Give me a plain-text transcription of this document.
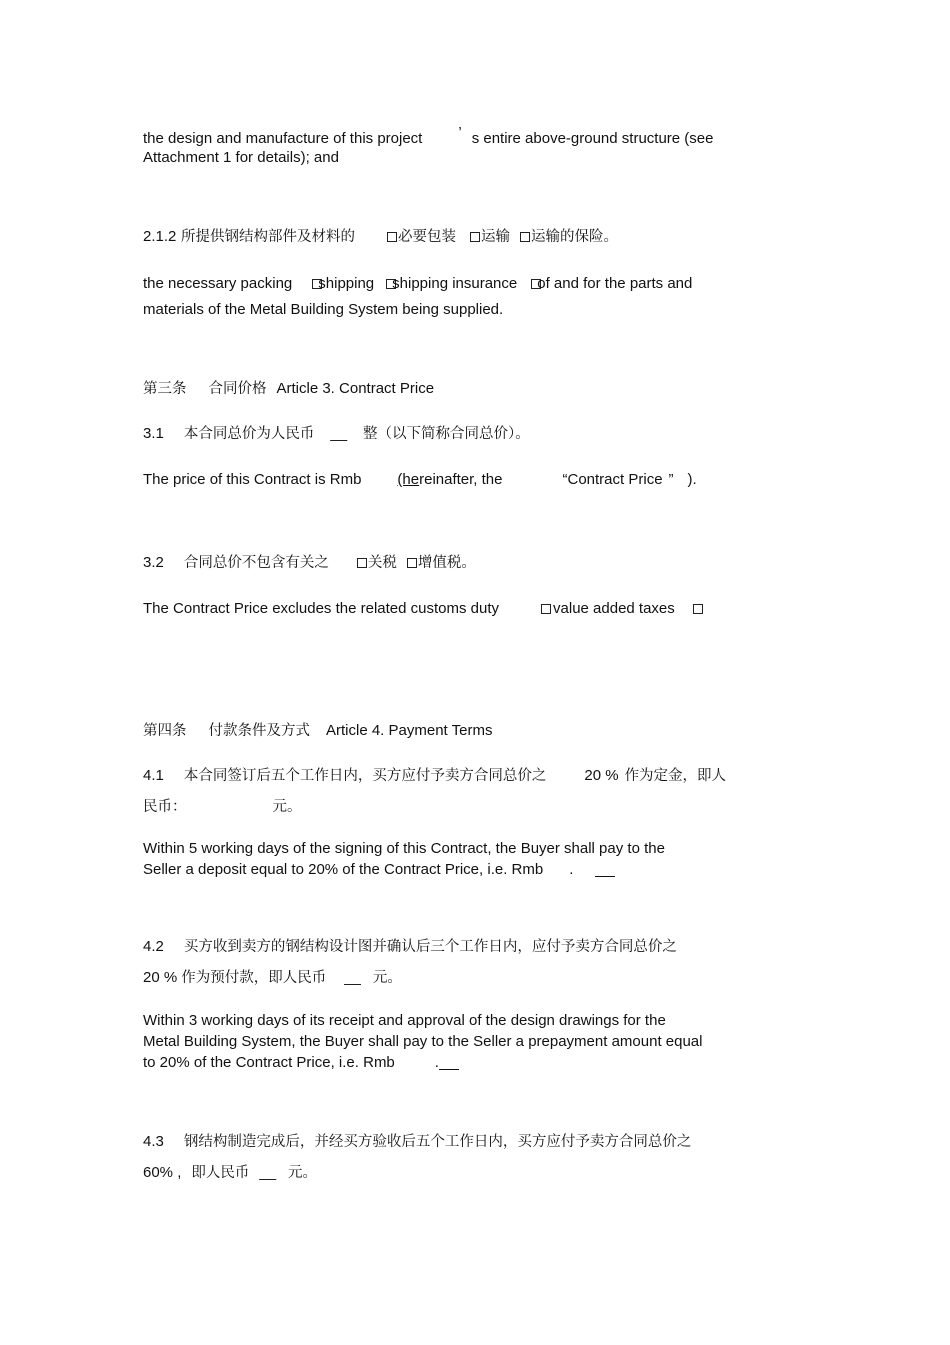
the design and manufacture of this project ’ s entire above-ground structure (see
Attachment 1 for details); and
2.1.2 所提供钢结构部件及材料的	必要包装 运输 运输的保险。
the necessary packing shipping shipping insurance of and for the parts and
materials of the Metal Building System being supplied.
第三条 合同价格 Article 3. Contract Price
3.1 本合同总价为人民币 __ 整（以下简称合同总价）。
The price of this Contract is Rmb (hereinafter, the	“Contract Price ” ).
3.2 合同总价不包含有关之	关税 增值税。
The Contract Price excludes the related customs duty	value added taxes
第四条 付款条件及方式 Article 4. Payment Terms
4.1 本合同签订后五个工作日内，买方应付予卖方合同总价之	20 % 作为定金，即人
民币：	元。
Within 5 working days of the signing of this Contract, the Buyer shall pay to the
Seller a deposit equal to 20% of the Contract Price, i.e. Rmb .
4.2 买方收到卖方的钢结构设计图并确认后三个工作日内，应付予卖方合同总价之
20 % 作为预付款，即人民币 __ 元。
Within 3 working days of its receipt and approval of the design drawings for the
Metal Building System, the Buyer shall pay to the Seller a prepayment amount equal
to 20% of the Contract Price, i.e. Rmb	.
4.3 钢结构制造完成后，并经买方验收后五个工作日内，买方应付予卖方合同总价之
60% , 即人民币 __ 元。
